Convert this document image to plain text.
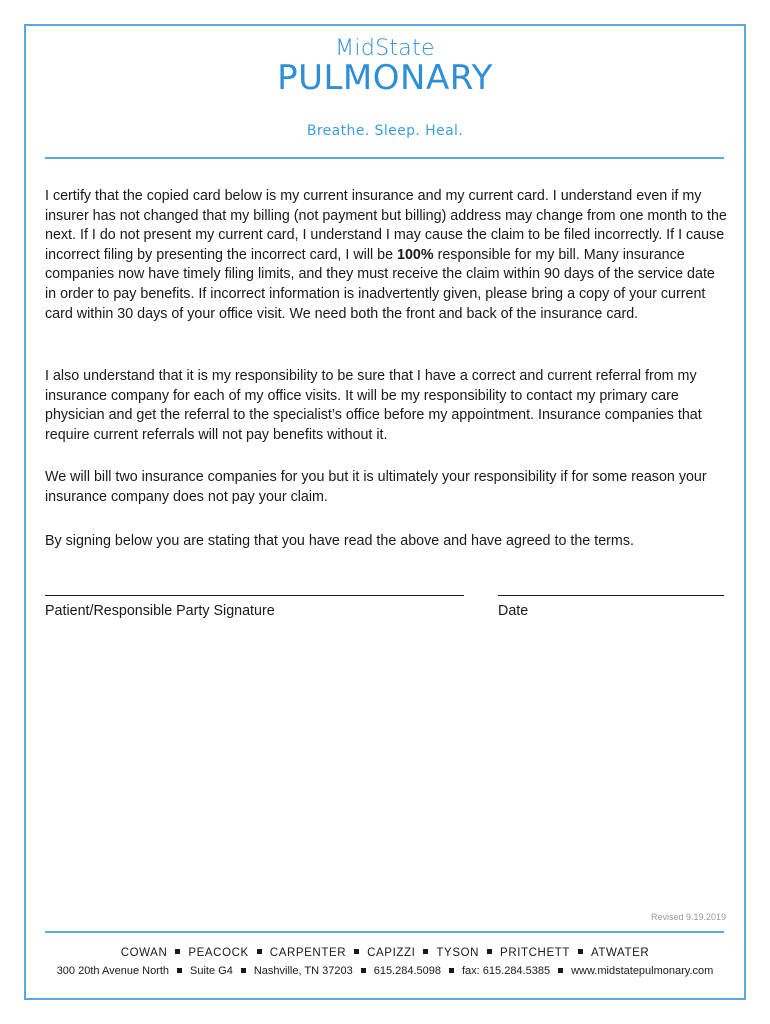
MidState
PULMONARY
Breathe. Sleep. Heal.
I certify that the copied card below is my current insurance and my current card. I understand even if my insurer has not changed that my billing (not payment but billing) address may change from one month to the next. If I do not present my current card, I understand I may cause the claim to be filed incorrectly. If I cause incorrect filing by presenting the incorrect card, I will be 100% responsible for my bill. Many insurance companies now have timely filing limits, and they must receive the claim within 90 days of the service date in order to pay benefits. If incorrect information is inadvertently given, please bring a copy of your current card within 30 days of your office visit. We need both the front and back of the insurance card.
I also understand that it is my responsibility to be sure that I have a correct and current referral from my insurance company for each of my office visits. It will be my responsibility to contact my primary care physician and get the referral to the specialist’s office before my appointment. Insurance companies that require current referrals will not pay benefits without it.
We will bill two insurance companies for you but it is ultimately your responsibility if for some reason your insurance company does not pay your claim.
By signing below you are stating that you have read the above and have agreed to the terms.
Patient/Responsible Party Signature	Date
Revised 9.19.2019
COWAN PEACOCK CARPENTER CAPIZZI TYSON PRITCHETT ATWATER
300 20th Avenue North Suite G4 Nashville, TN 37203 615.284.5098 fax: 615.284.5385 www.midstatepulmonary.com
